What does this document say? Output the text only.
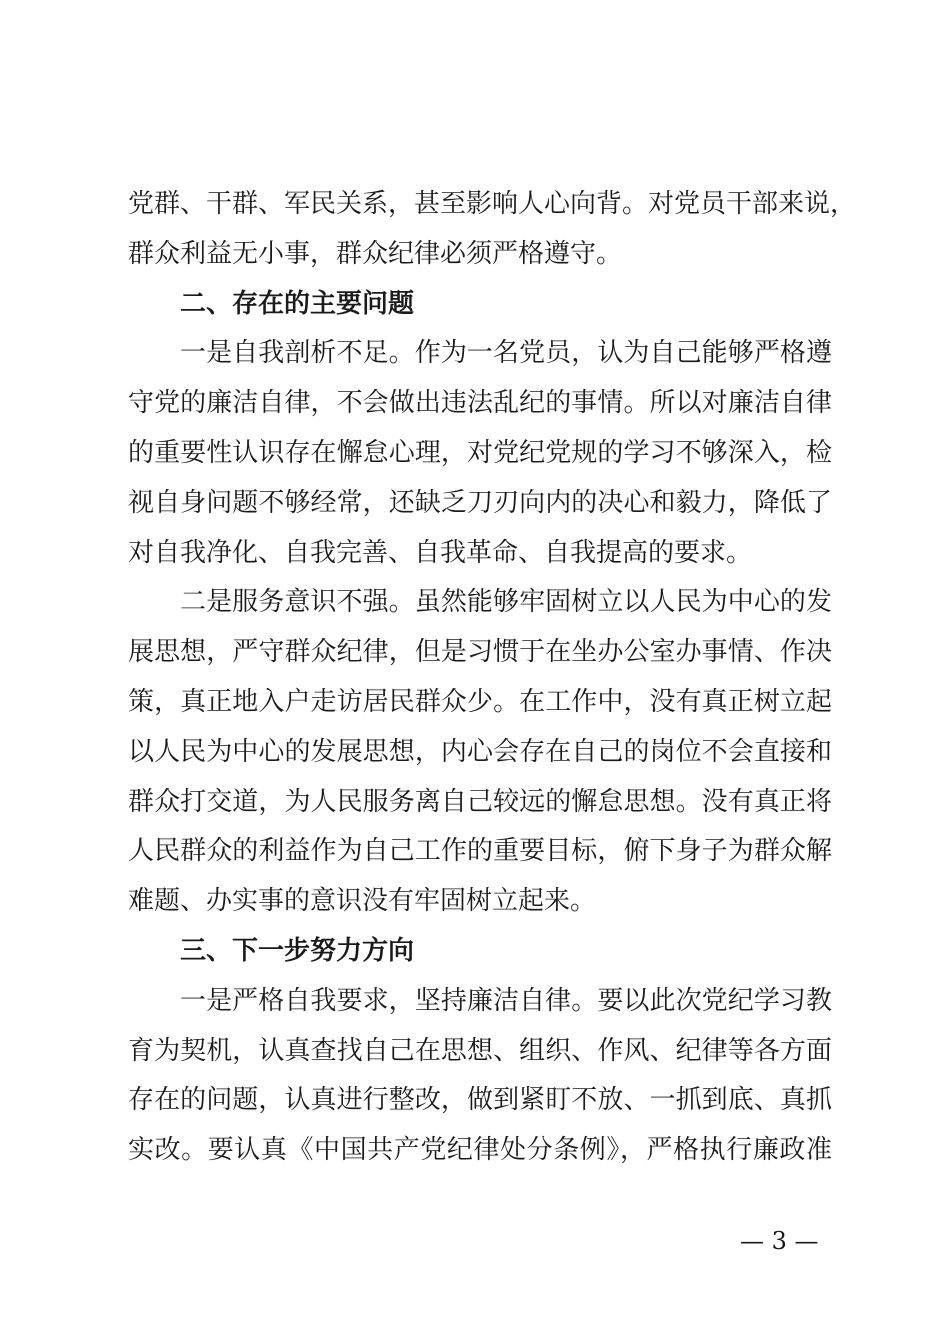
党群、干群、军民关系，甚至影响人心向背。对党员干部来说，
群众利益无小事，群众纪律必须严格遵守。
二、存在的主要问题
一是自我剖析不足。作为一名党员，认为自己能够严格遵
守党的廉洁自律，不会做出违法乱纪的事情。所以对廉洁自律
的重要性认识存在懈怠心理，对党纪党规的学习不够深入，检
视自身问题不够经常，还缺乏刀刃向内的决心和毅力，降低了
对自我净化、自我完善、自我革命、自我提高的要求。
二是服务意识不强。虽然能够牢固树立以人民为中心的发
展思想，严守群众纪律，但是习惯于在坐办公室办事情、作决
策，真正地入户走访居民群众少。在工作中，没有真正树立起
以人民为中心的发展思想，内心会存在自己的岗位不会直接和
群众打交道，为人民服务离自己较远的懈怠思想。没有真正将
人民群众的利益作为自己工作的重要目标，俯下身子为群众解
难题、办实事的意识没有牢固树立起来。
三、下一步努力方向
一是严格自我要求，坚持廉洁自律。要以此次党纪学习教
育为契机，认真查找自己在思想、组织、作风、纪律等各方面
存在的问题，认真进行整改，做到紧盯不放、一抓到底、真抓
实改。要认真《中国共产党纪律处分条例》，严格执行廉政准
— 3 —
